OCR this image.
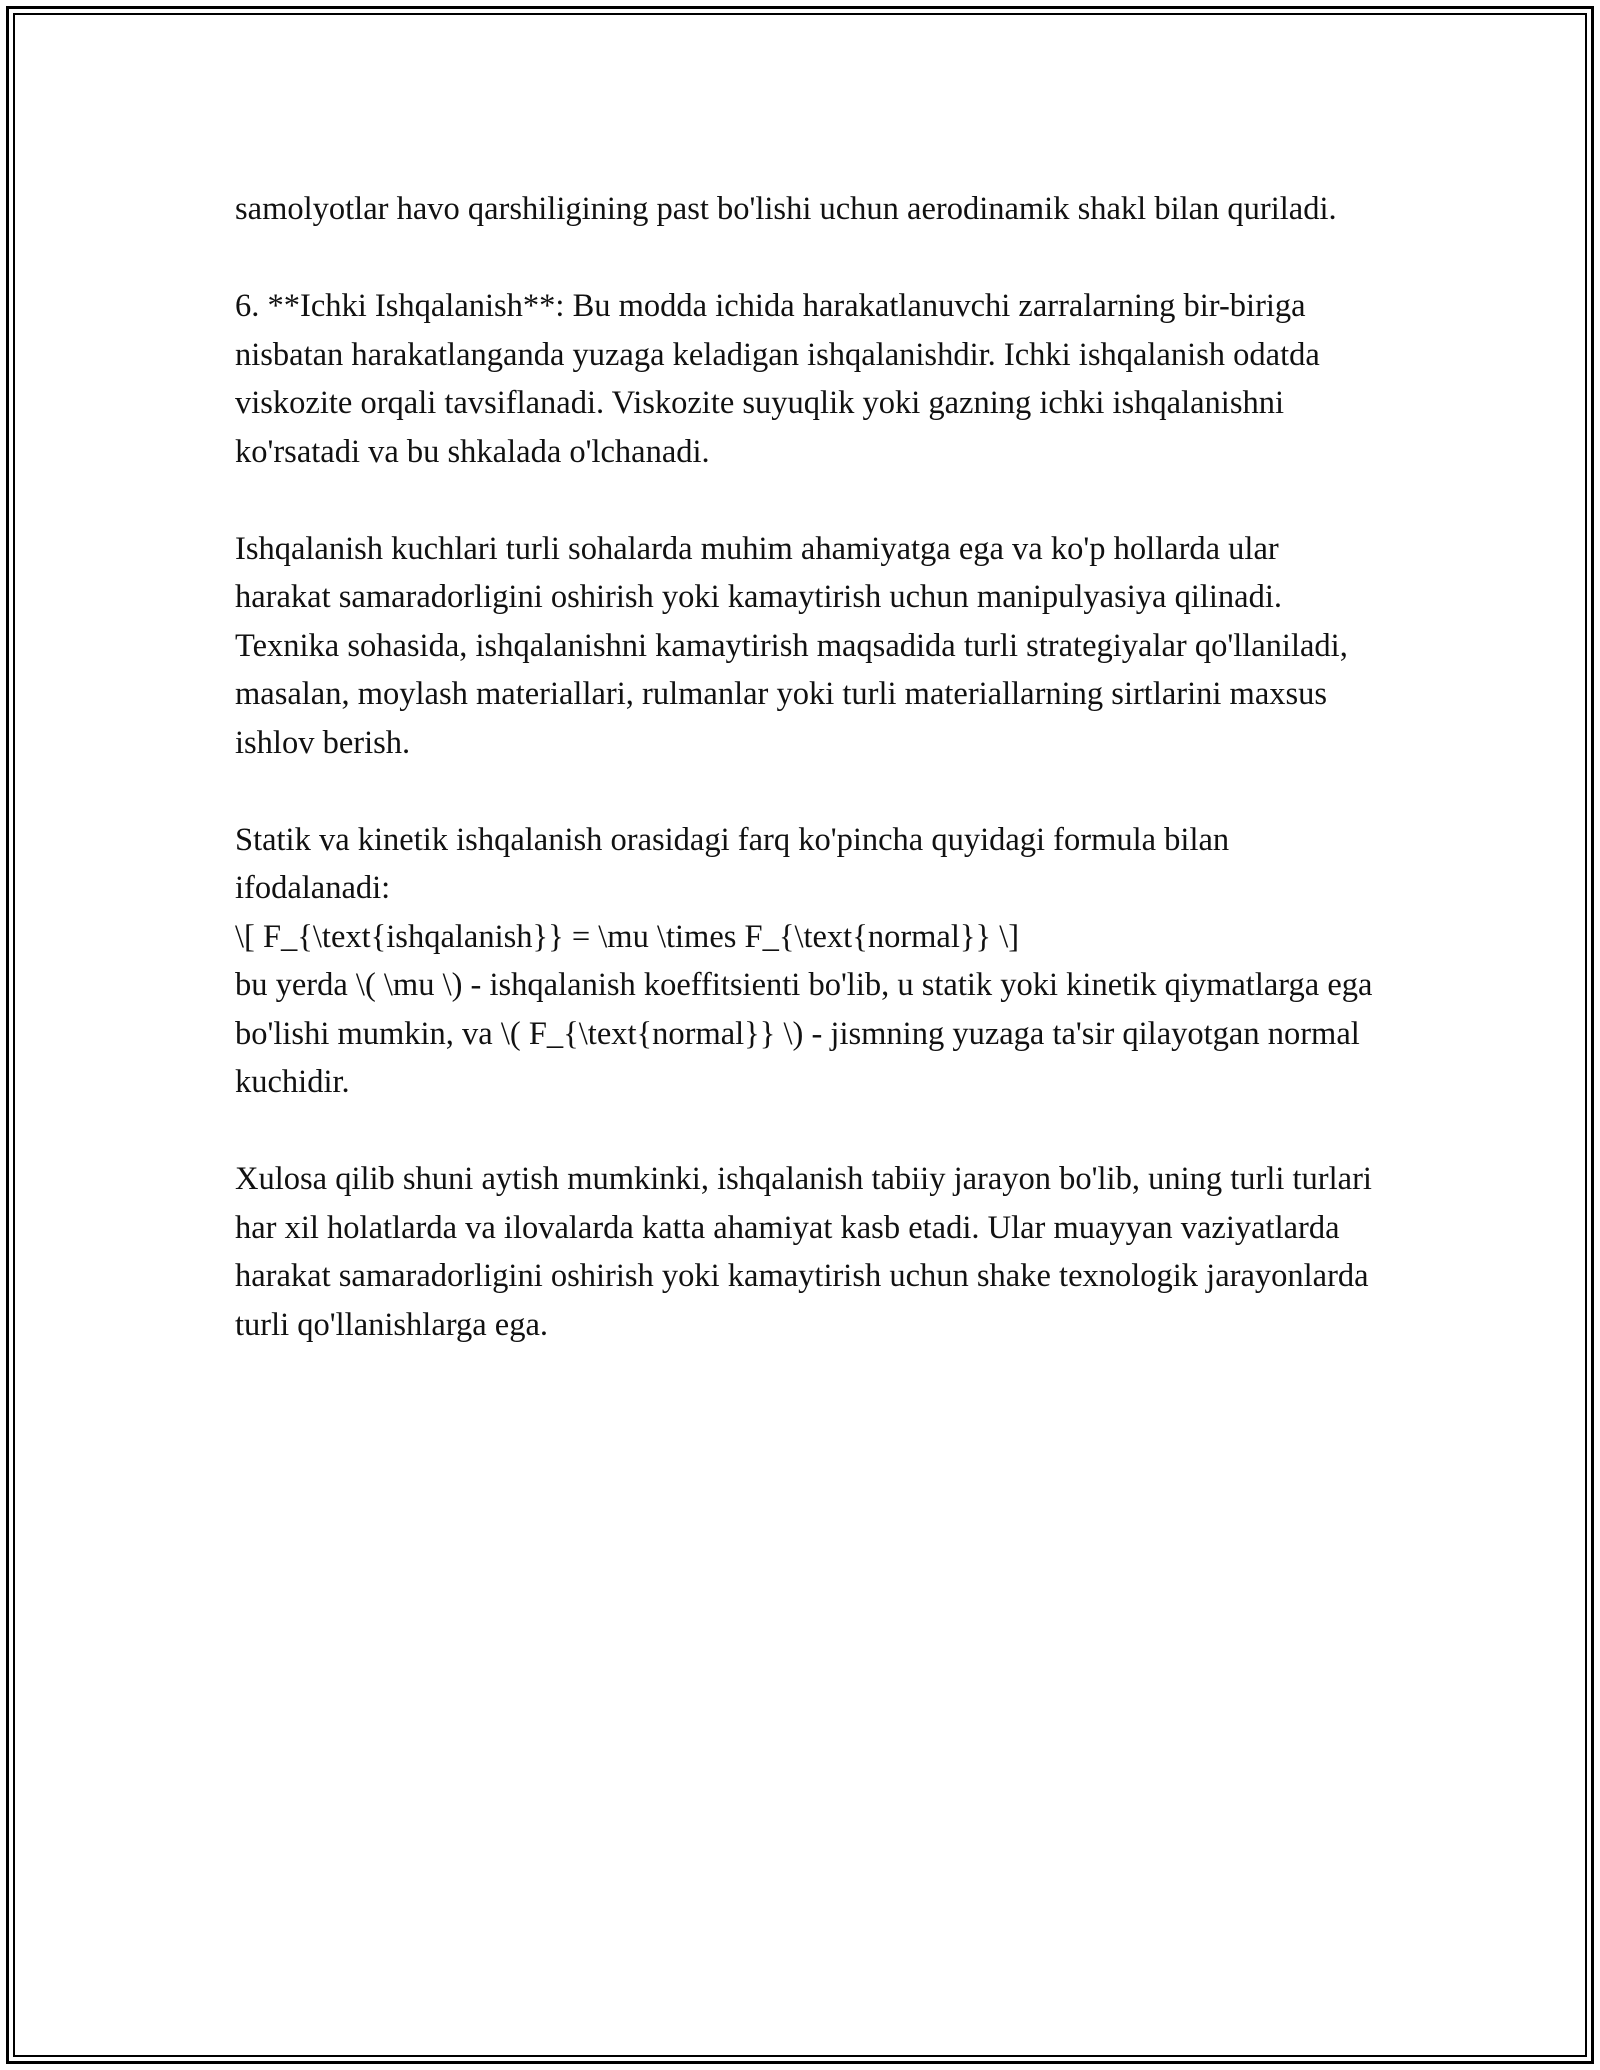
samolyotlar havo qarshiligining past bo'lishi uchun aerodinamik shakl bilan quriladi.

6. **Ichki Ishqalanish**: Bu modda ichida harakatlanuvchi zarralarning bir-biriga nisbatan harakatlanganda yuzaga keladigan ishqalanishdir. Ichki ishqalanish odatda viskozite orqali tavsiflanadi. Viskozite suyuqlik yoki gazning ichki ishqalanishni ko'rsatadi va bu shkalada o'lchanadi.

Ishqalanish kuchlari turli sohalarda muhim ahamiyatga ega va ko'p hollarda ular harakat samaradorligini oshirish yoki kamaytirish uchun manipulyasiya qilinadi. Texnika sohasida, ishqalanishni kamaytirish maqsadida turli strategiyalar qo'llaniladi, masalan, moylash materiallari, rulmanlar yoki turli materiallarning sirtlarini maxsus ishlov berish.

Statik va kinetik ishqalanish orasidagi farq ko'pincha quyidagi formula bilan ifodalanadi:

\[ F_{\text{ishqalanish}} = \mu \times F_{\text{normal}} \]

bu yerda \( \mu \) - ishqalanish koeffitsienti bo'lib, u statik yoki kinetik qiymatlarga ega bo'lishi mumkin, va \( F_{\text{normal}} \) - jismning yuzaga ta'sir qilayotgan normal kuchidir.

Xulosa qilib shuni aytish mumkinki, ishqalanish tabiiy jarayon bo'lib, uning turli turlari har xil holatlarda va ilovalarda katta ahamiyat kasb etadi. Ular muayyan vaziyatlarda harakat samaradorligini oshirish yoki kamaytirish uchun shake texnologik jarayonlarda turli qo'llanishlarga ega.
